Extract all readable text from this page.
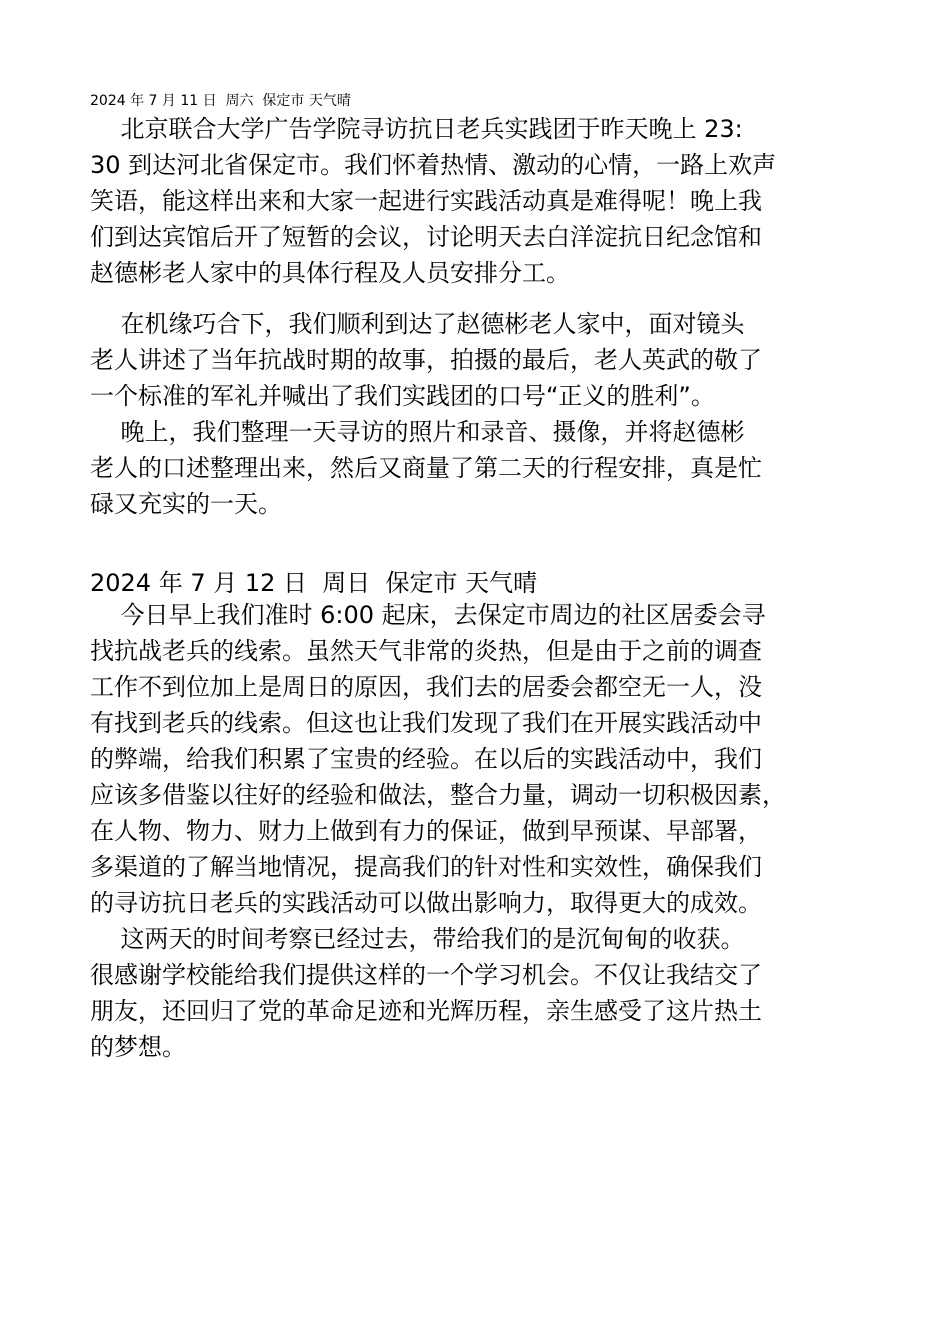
2024 年 7 月 11 日  周六  保定市 天气晴
北京联合大学广告学院寻访抗日老兵实践团于昨天晚上 23:
30 到达河北省保定市。我们怀着热情、激动的心情，一路上欢声
笑语，能这样出来和大家一起进行实践活动真是难得呢！晚上我
们到达宾馆后开了短暂的会议，讨论明天去白洋淀抗日纪念馆和
赵德彬老人家中的具体行程及人员安排分工。
在机缘巧合下，我们顺利到达了赵德彬老人家中，面对镜头
老人讲述了当年抗战时期的故事，拍摄的最后，老人英武的敬了
一个标准的军礼并喊出了我们实践团的口号“正义的胜利”。
晚上，我们整理一天寻访的照片和录音、摄像，并将赵德彬
老人的口述整理出来，然后又商量了第二天的行程安排，真是忙
碌又充实的一天。
2024 年 7 月 12 日  周日  保定市 天气晴
今日早上我们准时 6:00 起床，去保定市周边的社区居委会寻
找抗战老兵的线索。虽然天气非常的炎热，但是由于之前的调查
工作不到位加上是周日的原因，我们去的居委会都空无一人，没
有找到老兵的线索。但这也让我们发现了我们在开展实践活动中
的弊端，给我们积累了宝贵的经验。在以后的实践活动中，我们
应该多借鉴以往好的经验和做法，整合力量，调动一切积极因素，
在人物、物力、财力上做到有力的保证，做到早预谋、早部署，
多渠道的了解当地情况，提高我们的针对性和实效性，确保我们
的寻访抗日老兵的实践活动可以做出影响力，取得更大的成效。
这两天的时间考察已经过去，带给我们的是沉甸甸的收获。
很感谢学校能给我们提供这样的一个学习机会。不仅让我结交了
朋友，还回归了党的革命足迹和光辉历程，亲生感受了这片热土
的梦想。
